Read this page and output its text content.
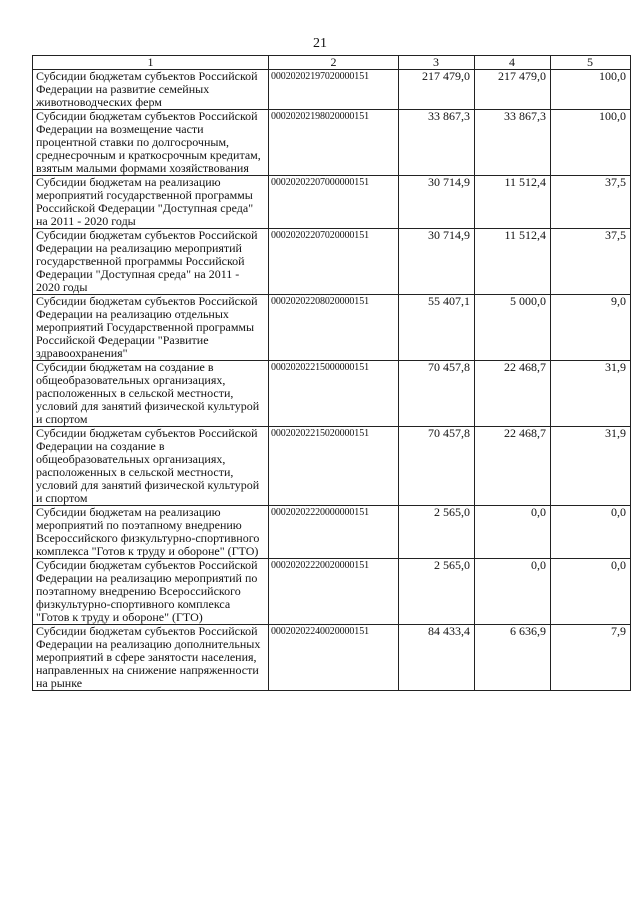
21
1	2	3	4	5
Субсидии бюджетам субъектов Российской Федерации на развитие семейных животноводческих ферм	00020202197020000151	217 479,0	217 479,0	100,0
Субсидии бюджетам субъектов Российской Федерации на возмещение части процентной ставки по долгосрочным, среднесрочным и краткосрочным кредитам, взятым малыми формами хозяйствования	00020202198020000151	33 867,3	33 867,3	100,0
Субсидии бюджетам на реализацию мероприятий государственной программы Российской Федерации "Доступная среда" на 2011 - 2020 годы	00020202207000000151	30 714,9	11 512,4	37,5
Субсидии бюджетам субъектов Российской Федерации на реализацию мероприятий государственной программы Российской Федерации "Доступная среда" на 2011 - 2020 годы	00020202207020000151	30 714,9	11 512,4	37,5
Субсидии бюджетам субъектов Российской Федерации на реализацию отдельных мероприятий Государственной программы Российской Федерации "Развитие здравоохранения"	00020202208020000151	55 407,1	5 000,0	9,0
Субсидии бюджетам на создание в общеобразовательных организациях, расположенных в сельской местности, условий для занятий физической культурой и спортом	00020202215000000151	70 457,8	22 468,7	31,9
Субсидии бюджетам субъектов Российской Федерации на создание в общеобразовательных организациях, расположенных в сельской местности, условий для занятий физической культурой и спортом	00020202215020000151	70 457,8	22 468,7	31,9
Субсидии бюджетам на реализацию мероприятий по поэтапному внедрению Всероссийского физкультурно-спортивного комплекса "Готов к труду и обороне" (ГТО)	00020202220000000151	2 565,0	0,0	0,0
Субсидии бюджетам субъектов Российской Федерации на реализацию мероприятий по поэтапному внедрению Всероссийского физкультурно-спортивного комплекса "Готов к труду и обороне" (ГТО)	00020202220020000151	2 565,0	0,0	0,0
Субсидии бюджетам субъектов Российской Федерации на реализацию дополнительных мероприятий в сфере занятости населения, направленных на снижение напряженности на рынке	00020202240020000151	84 433,4	6 636,9	7,9
